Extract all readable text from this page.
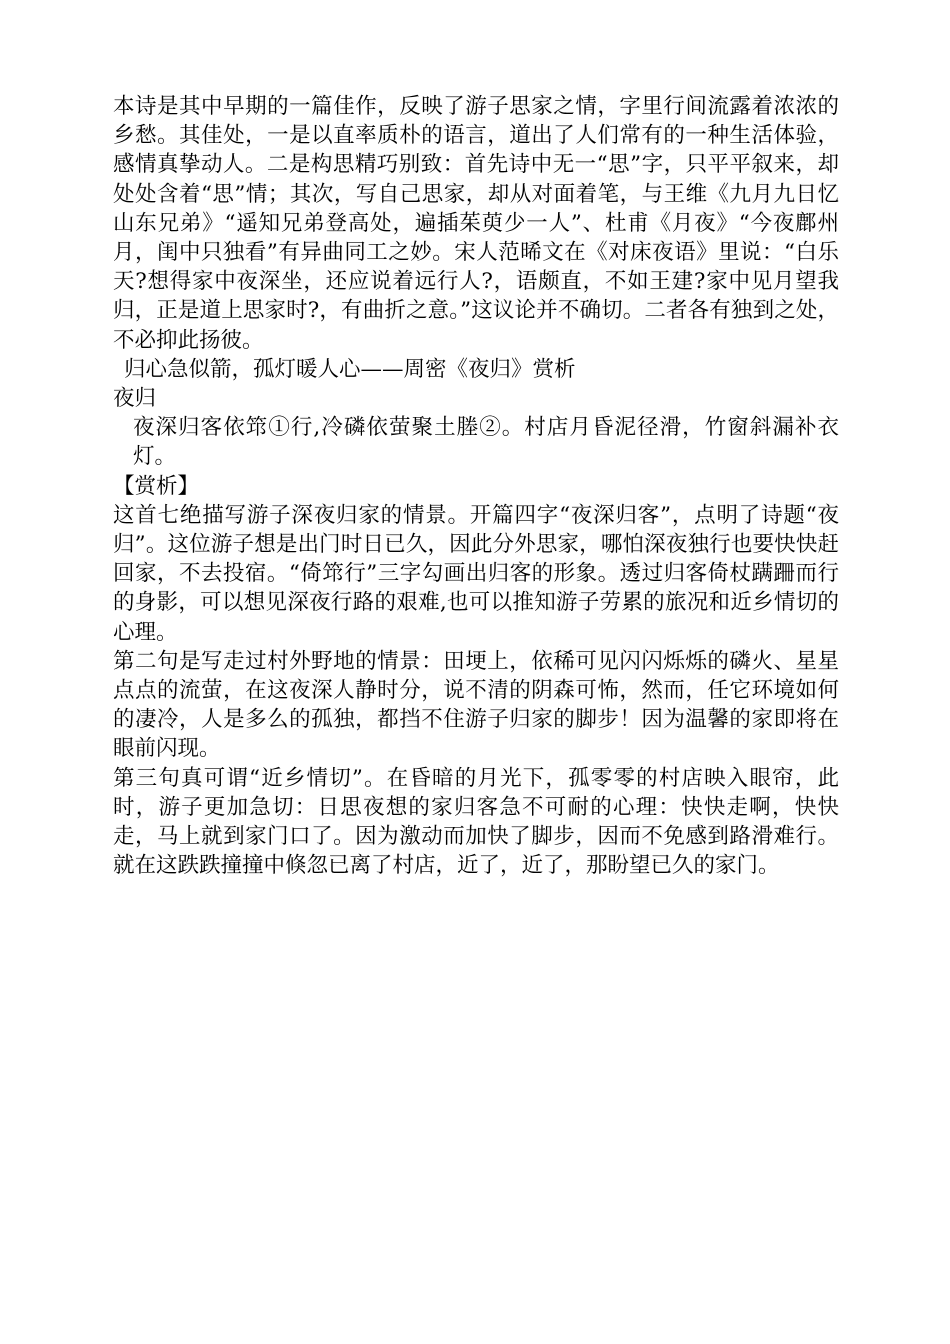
本诗是其中早期的一篇佳作，反映了游子思家之情，字里行间流露着浓浓的乡愁。其佳处，一是以直率质朴的语言，道出了人们常有的一种生活体验，感情真挚动人。二是构思精巧别致：首先诗中无一“思”字，只平平叙来，却处处含着“思”情；其次，写自己思家，却从对面着笔，与王维《九月九日忆山东兄弟》“遥知兄弟登高处，遍插茱萸少一人”、杜甫《月夜》“今夜鄜州月，闺中只独看”有异曲同工之妙。宋人范晞文在《对床夜语》里说：“白乐天?想得家中夜深坐，还应说着远行人?，语颇直，不如王建?家中见月望我归，正是道上思家时?，有曲折之意。”这议论并不确切。二者各有独到之处，不必抑此扬彼。

归心急似箭，孤灯暖人心——周密《夜归》赏析

夜归

夜深归客依筇①行,冷磷依萤聚土塍②。村店月昏泥径滑，竹窗斜漏补衣灯。

【赏析】

这首七绝描写游子深夜归家的情景。开篇四字“夜深归客”，点明了诗题“夜归”。这位游子想是出门时日已久，因此分外思家，哪怕深夜独行也要快快赶回家，不去投宿。“倚筇行”三字勾画出归客的形象。透过归客倚杖蹒跚而行的身影，可以想见深夜行路的艰难,也可以推知游子劳累的旅况和近乡情切的心理。

第二句是写走过村外野地的情景：田埂上，依稀可见闪闪烁烁的磷火、星星点点的流萤，在这夜深人静时分，说不清的阴森可怖，然而，任它环境如何的凄冷，人是多么的孤独，都挡不住游子归家的脚步！因为温馨的家即将在眼前闪现。

第三句真可谓“近乡情切”。在昏暗的月光下，孤零零的村店映入眼帘，此时，游子更加急切：日思夜想的家归客急不可耐的心理：快快走啊，快快走，马上就到家门口了。因为激动而加快了脚步，因而不免感到路滑难行。就在这跌跌撞撞中倏忽已离了村店，近了，近了，那盼望已久的家门。
